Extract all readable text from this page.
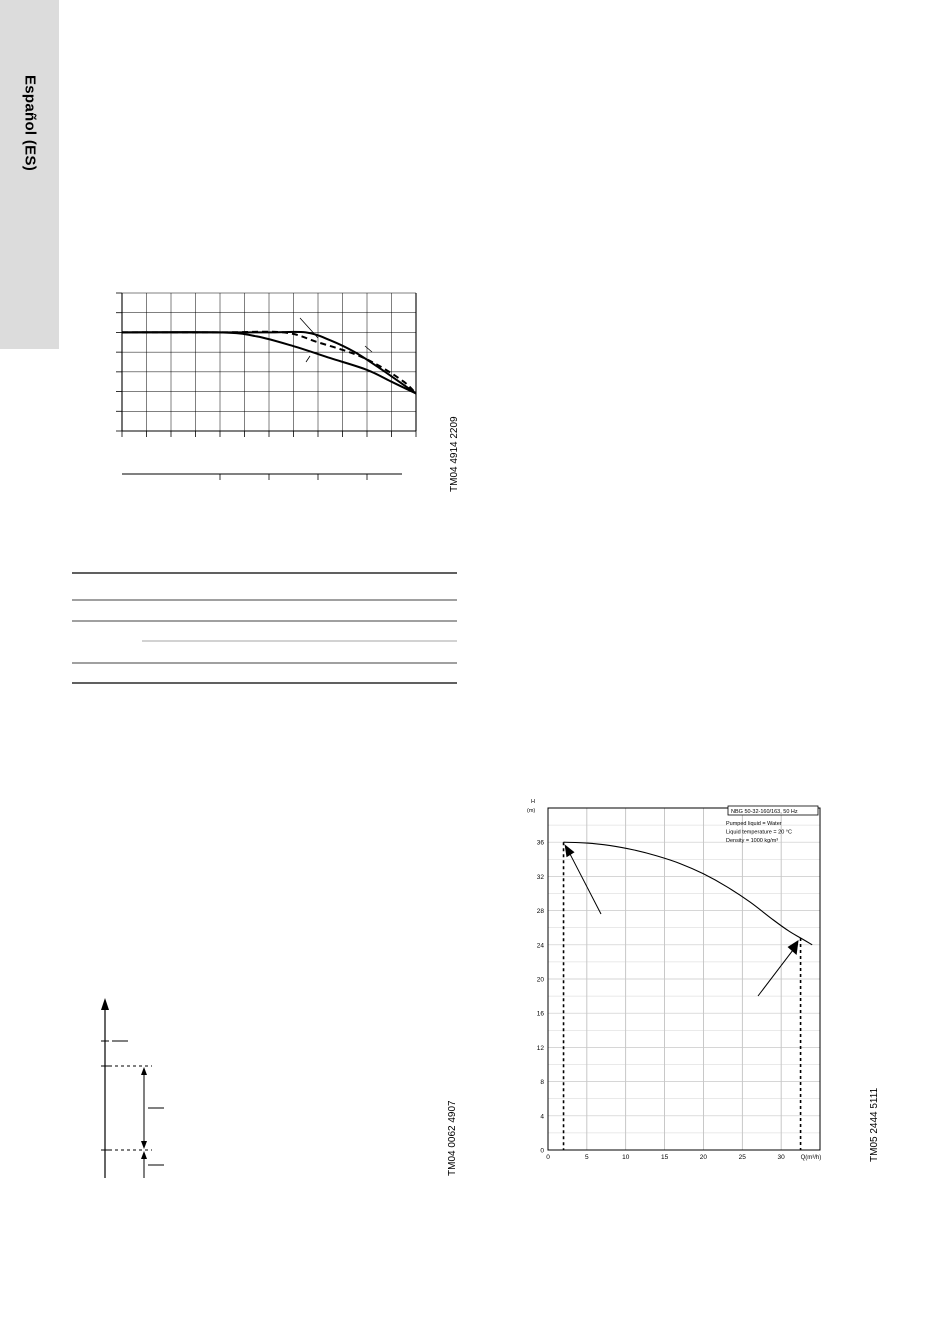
Español (ES)
TM04 4914 2209
TM04 0062 4907	0
4
8
12
16
20
24
28
32
36
0	5	10	15	20	25	30	Q(m³/h)
H
(m)	NBG 50-32-160/163, 50 Hz
Pumped liquid = Water
Liquid temperature = 20 °C
Density = 1000 kg/m³
TM05 2444 5111
